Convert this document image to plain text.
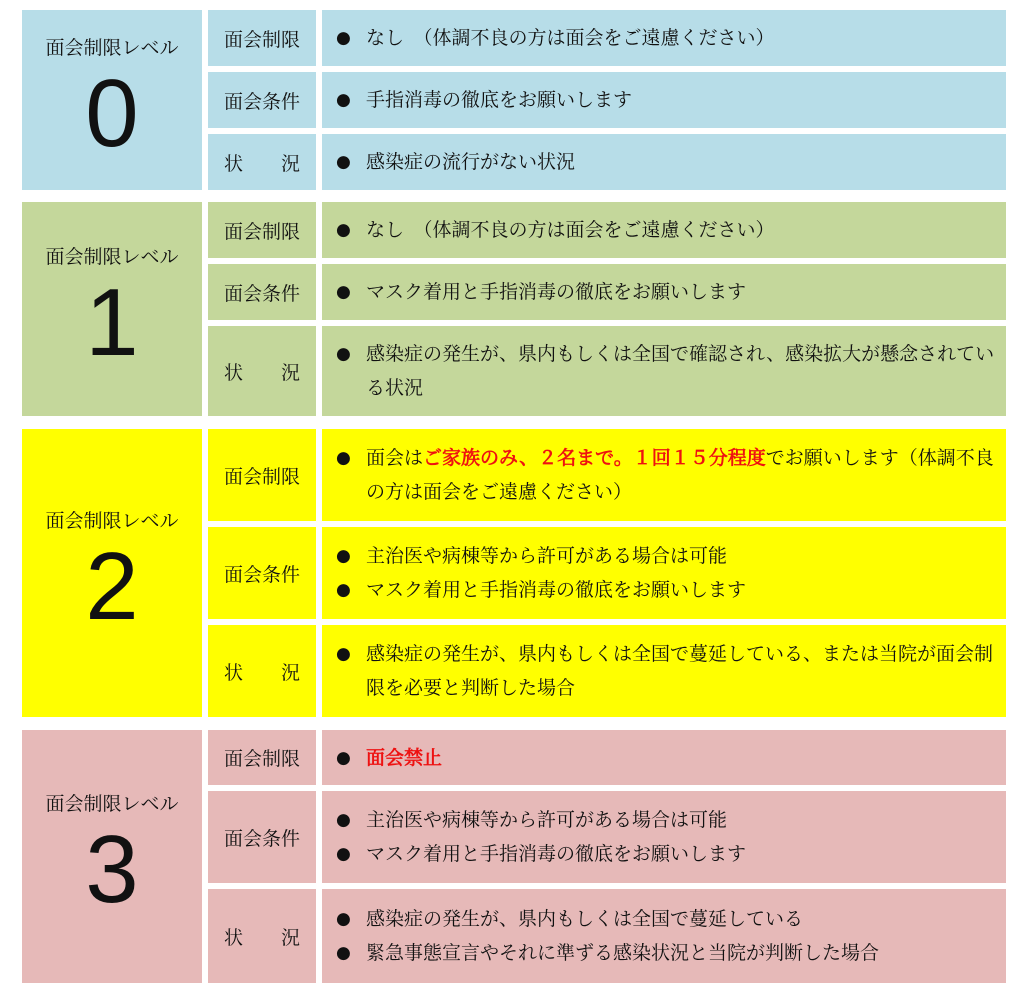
面会制限レベル
0
面会制限 ● なし　（体調不良の方は面会をご遠慮ください）
面会条件 ● 手指消毒の徹底をお願いします
状　　況 ● 感染症の流行がない状況
面会制限レベル
1
面会制限 ● なし　（体調不良の方は面会をご遠慮ください）
面会条件 ● マスク着用と手指消毒の徹底をお願いします
状　　況
● 感染症の発生が、県内もしくは全国で確認され、感染拡大が懸念されている状況
面会制限レベル
2
面会制限
● 面会はご家族のみ、２名まで。１回１５分程度でお願いします（体調不良の方は面会をご遠慮ください）
面会条件
● 主治医や病棟等から許可がある場合は可能
● マスク着用と手指消毒の徹底をお願いします
状　　況
● 感染症の発生が、県内もしくは全国で蔓延している、または当院が面会制限を必要と判断した場合
面会制限レベル
3
面会制限 ● 面会禁止
面会条件
● 主治医や病棟等から許可がある場合は可能
● マスク着用と手指消毒の徹底をお願いします
状　　況
● 感染症の発生が、県内もしくは全国で蔓延している
● 緊急事態宣言やそれに準ずる感染状況と当院が判断した場合
